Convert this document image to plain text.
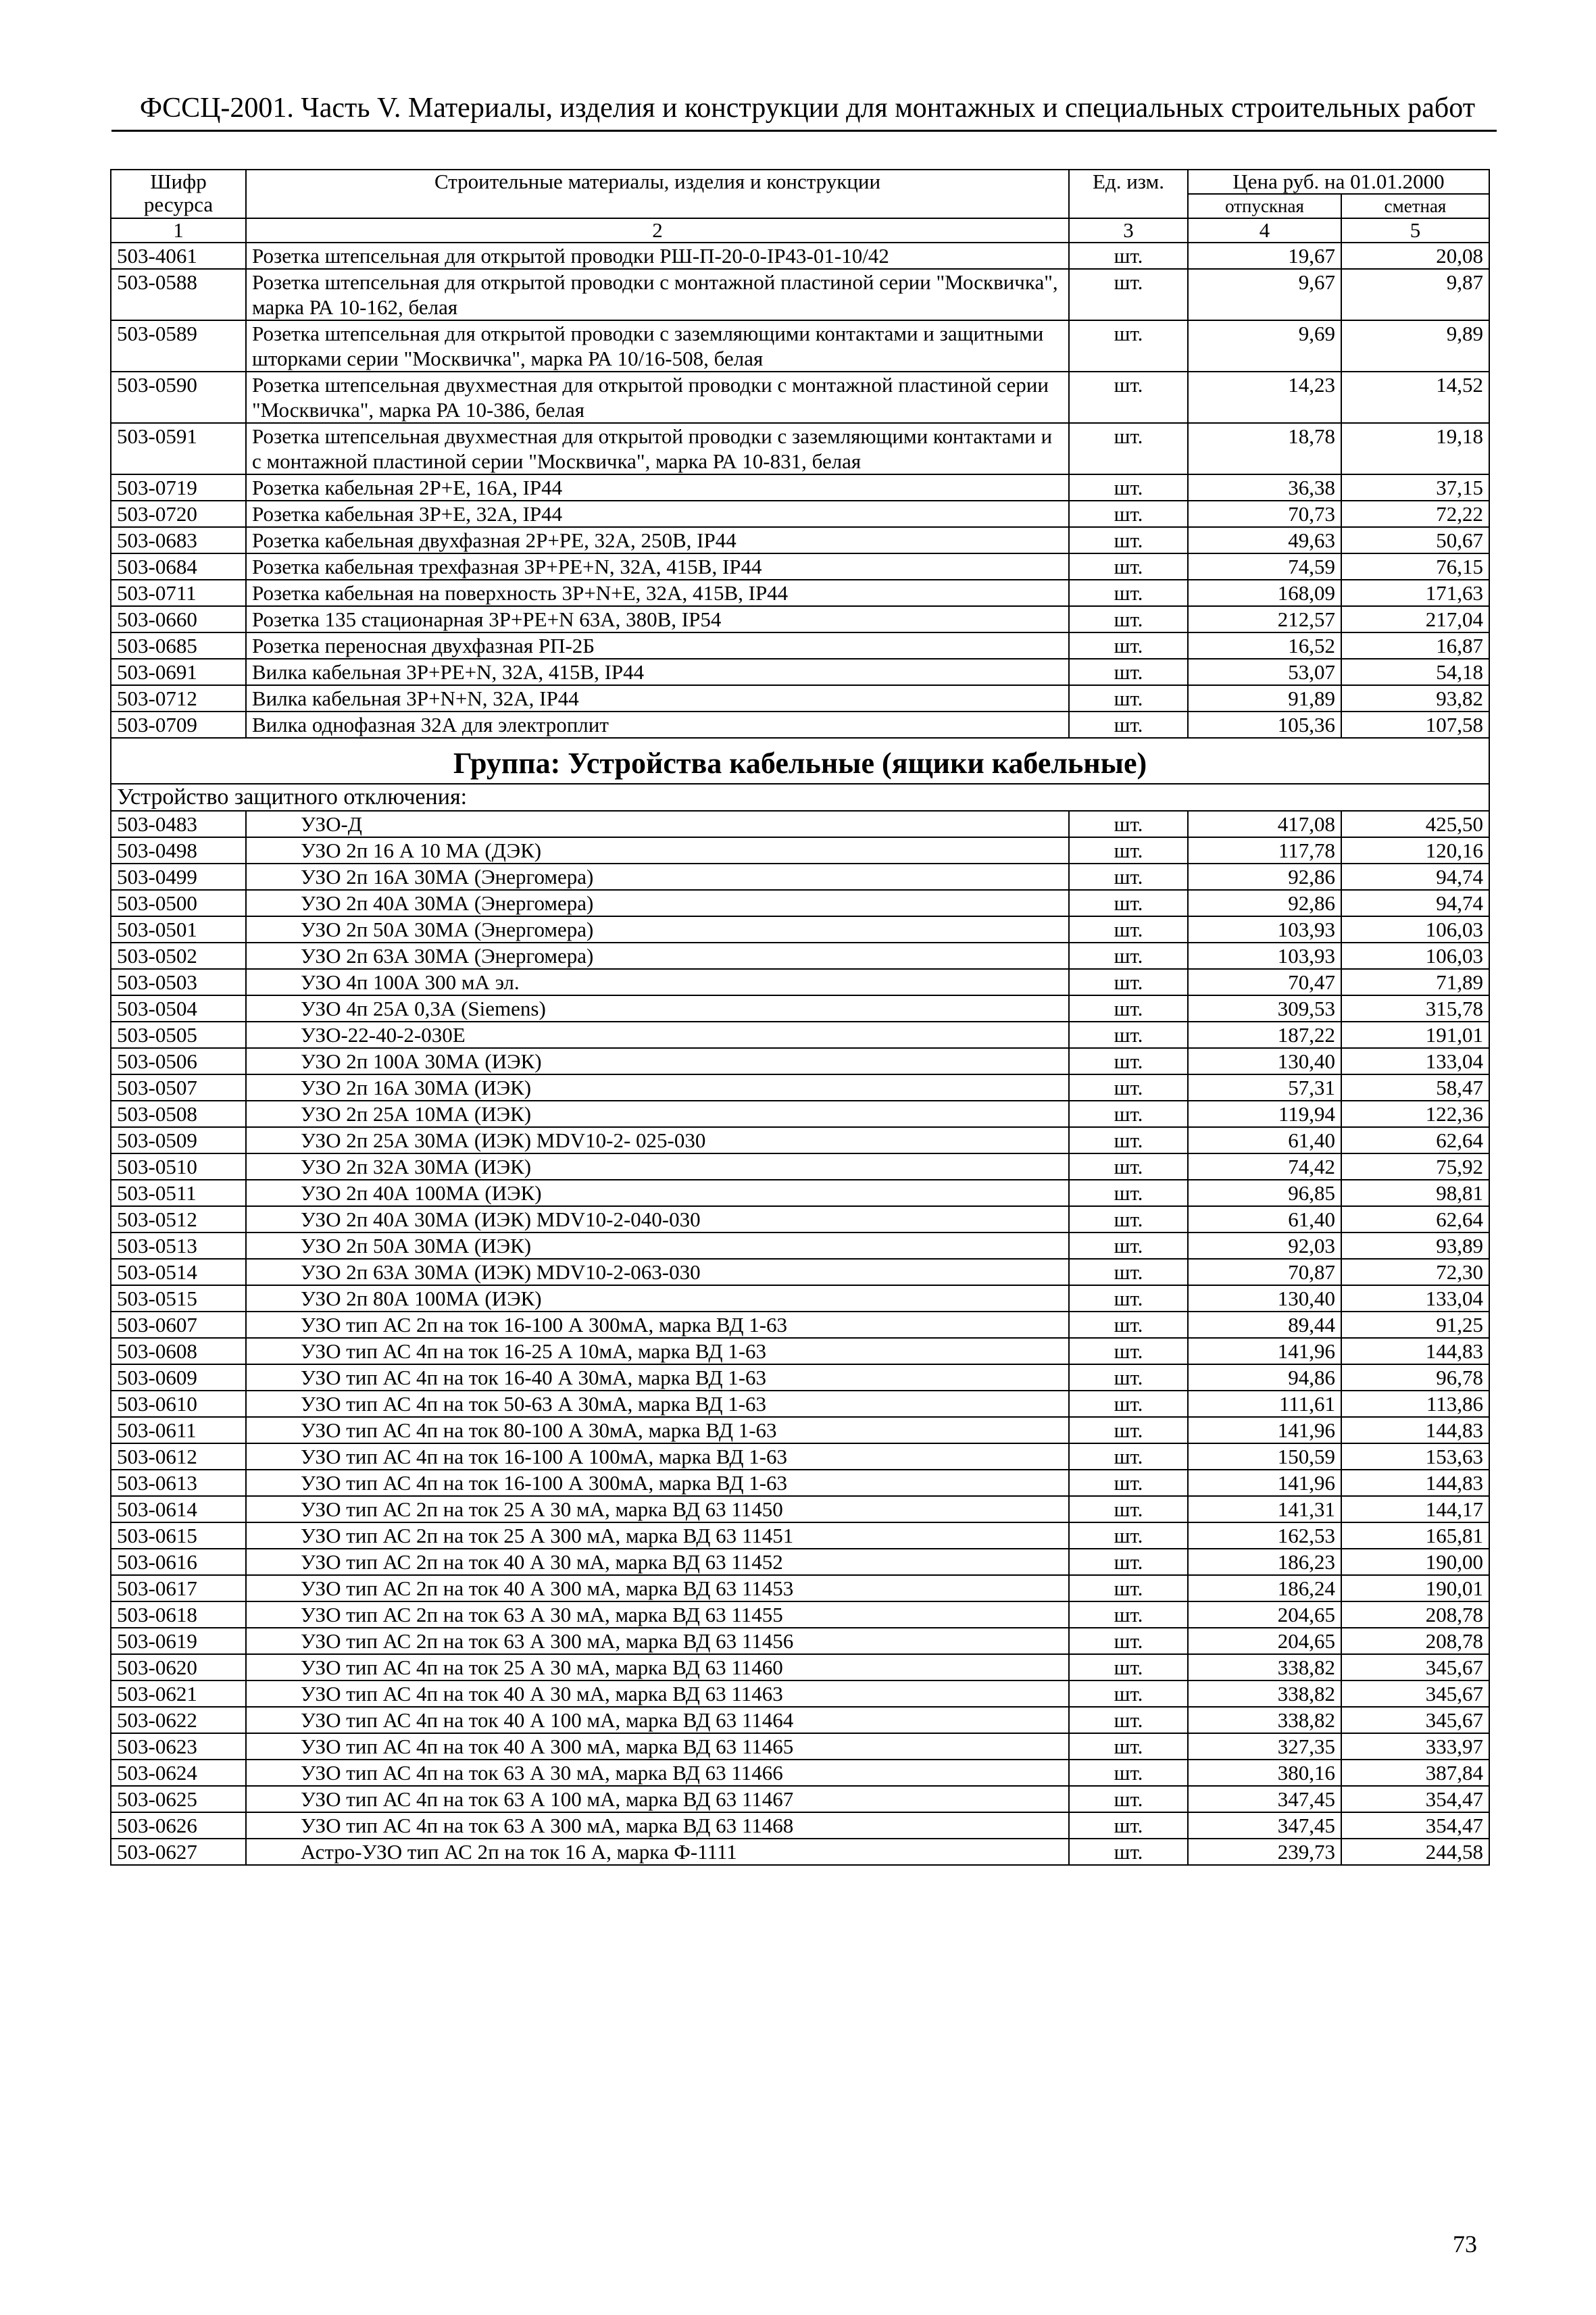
ФССЦ-2001. Часть V. Материалы, изделия и конструкции для монтажных и специальных строительных работ
Шифр ресурса	Строительные материалы, изделия и конструкции	Ед. изм.	Цена руб. на 01.01.2000	
			отпускная	сметная
1	2	3	4	5
503-4061	Розетка штепсельная для открытой проводки РШ-П-20-0-IP43-01-10/42	шт.	19,67	20,08
503-0588	Розетка штепсельная для открытой проводки с монтажной пластиной серии "Москвичка", марка РА 10-162, белая	шт.	9,67	9,87
503-0589	Розетка штепсельная для открытой проводки с заземляющими контактами и защитными шторками серии "Москвичка", марка РА 10/16-508, белая	шт.	9,69	9,89
503-0590	Розетка штепсельная двухместная для открытой проводки с монтажной пластиной серии "Москвичка", марка РА 10-386, белая	шт.	14,23	14,52
503-0591	Розетка штепсельная двухместная для открытой проводки с заземляющими контактами и с монтажной пластиной серии "Москвичка", марка РА 10-831, белая	шт.	18,78	19,18
503-0719	Розетка кабельная 2Р+Е, 16А, IP44	шт.	36,38	37,15
503-0720	Розетка кабельная 3Р+Е, 32А, IP44	шт.	70,73	72,22
503-0683	Розетка кабельная двухфазная 2Р+РЕ, 32А, 250В, IP44	шт.	49,63	50,67
503-0684	Розетка кабельная трехфазная 3Р+РЕ+N, 32А, 415В, IP44	шт.	74,59	76,15
503-0711	Розетка кабельная на поверхность 3Р+N+Е, 32А, 415В, IP44	шт.	168,09	171,63
503-0660	Розетка 135 стационарная 3Р+РЕ+N 63А, 380В, IP54	шт.	212,57	217,04
503-0685	Розетка переносная двухфазная РП-2Б	шт.	16,52	16,87
503-0691	Вилка кабельная 3Р+РЕ+N, 32А, 415В, IP44	шт.	53,07	54,18
503-0712	Вилка кабельная 3Р+N+N, 32А, IP44	шт.	91,89	93,82
503-0709	Вилка однофазная 32А для электроплит	шт.	105,36	107,58
Группа: Устройства кабельные (ящики кабельные)				
Устройство защитного отключения:				
503-0483	УЗО-Д	шт.	417,08	425,50
503-0498	УЗО 2п 16 А 10 МА (ДЭК)	шт.	117,78	120,16
503-0499	УЗО 2п 16А 30МА (Энергомера)	шт.	92,86	94,74
503-0500	УЗО 2п 40А 30МА (Энергомера)	шт.	92,86	94,74
503-0501	УЗО 2п 50А 30МА (Энергомера)	шт.	103,93	106,03
503-0502	УЗО 2п 63А 30МА (Энергомера)	шт.	103,93	106,03
503-0503	УЗО 4п 100А 300 мА эл.	шт.	70,47	71,89
503-0504	УЗО 4п 25А 0,3А (Siemens)	шт.	309,53	315,78
503-0505	УЗО-22-40-2-030Е	шт.	187,22	191,01
503-0506	УЗО 2п 100А 30МА (ИЭК)	шт.	130,40	133,04
503-0507	УЗО 2п 16А 30МА (ИЭК)	шт.	57,31	58,47
503-0508	УЗО 2п 25А 10МА (ИЭК)	шт.	119,94	122,36
503-0509	УЗО 2п 25А 30МА (ИЭК) MDV10-2- 025-030	шт.	61,40	62,64
503-0510	УЗО 2п 32А 30МА (ИЭК)	шт.	74,42	75,92
503-0511	УЗО 2п 40А 100МА (ИЭК)	шт.	96,85	98,81
503-0512	УЗО 2п 40А 30МА (ИЭК) MDV10-2-040-030	шт.	61,40	62,64
503-0513	УЗО 2п 50А 30МА (ИЭК)	шт.	92,03	93,89
503-0514	УЗО 2п 63А 30МА (ИЭК) MDV10-2-063-030	шт.	70,87	72,30
503-0515	УЗО 2п 80А 100МА (ИЭК)	шт.	130,40	133,04
503-0607	УЗО тип АС 2п на ток 16-100 А 300мА, марка ВД 1-63	шт.	89,44	91,25
503-0608	УЗО тип АС 4п на ток 16-25 А 10мА, марка ВД 1-63	шт.	141,96	144,83
503-0609	УЗО тип АС 4п на ток 16-40 А 30мА, марка ВД 1-63	шт.	94,86	96,78
503-0610	УЗО тип АС 4п на ток 50-63 А 30мА, марка ВД 1-63	шт.	111,61	113,86
503-0611	УЗО тип АС 4п на ток 80-100 А 30мА, марка ВД 1-63	шт.	141,96	144,83
503-0612	УЗО тип АС 4п на ток 16-100 А 100мА, марка ВД 1-63	шт.	150,59	153,63
503-0613	УЗО тип АС 4п на ток 16-100 А 300мА, марка ВД 1-63	шт.	141,96	144,83
503-0614	УЗО тип АС 2п на ток 25 А 30 мА, марка ВД 63 11450	шт.	141,31	144,17
503-0615	УЗО тип АС 2п на ток 25 А 300 мА, марка ВД 63 11451	шт.	162,53	165,81
503-0616	УЗО тип АС 2п на ток 40 А 30 мА, марка ВД 63 11452	шт.	186,23	190,00
503-0617	УЗО тип АС 2п на ток 40 А 300 мА, марка ВД 63 11453	шт.	186,24	190,01
503-0618	УЗО тип АС 2п на ток 63 А 30 мА, марка ВД 63 11455	шт.	204,65	208,78
503-0619	УЗО тип АС 2п на ток 63 А 300 мА, марка ВД 63 11456	шт.	204,65	208,78
503-0620	УЗО тип АС 4п на ток 25 А 30 мА, марка ВД 63 11460	шт.	338,82	345,67
503-0621	УЗО тип АС 4п на ток 40 А 30 мА, марка ВД 63 11463	шт.	338,82	345,67
503-0622	УЗО тип АС 4п на ток 40 А 100 мА, марка ВД 63 11464	шт.	338,82	345,67
503-0623	УЗО тип АС 4п на ток 40 А 300 мА, марка ВД 63 11465	шт.	327,35	333,97
503-0624	УЗО тип АС 4п на ток 63 А 30 мА, марка ВД 63 11466	шт.	380,16	387,84
503-0625	УЗО тип АС 4п на ток 63 А 100 мА, марка ВД 63 11467	шт.	347,45	354,47
503-0626	УЗО тип АС 4п на ток 63 А 300 мА, марка ВД 63 11468	шт.	347,45	354,47
503-0627	Астро-УЗО тип АС 2п на ток 16 А, марка Ф-1111	шт.	239,73	244,58
73
